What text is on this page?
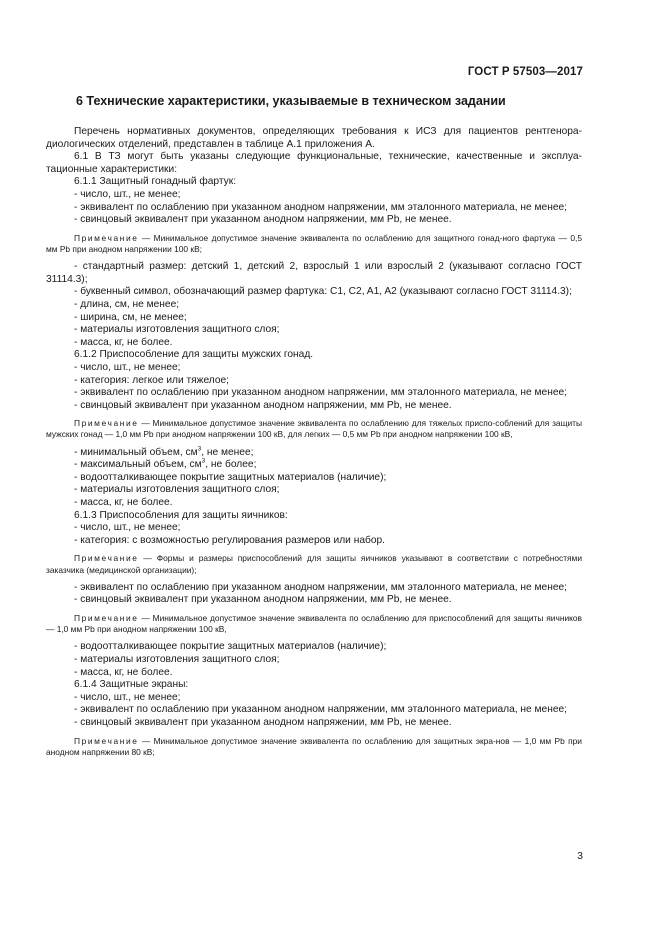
ГОСТ Р 57503—2017
6 Технические характеристики, указываемые в техническом задании

Перечень нормативных документов, определяющих требования к ИСЗ для пациентов рентгенора-диологических отделений, представлен в таблице А.1 приложения А.

6.1 В ТЗ могут быть указаны следующие функциональные, технические, качественные и эксплуа-тационные характеристики:

6.1.1 Защитный гонадный фартук:

- число, шт., не менее;

- эквивалент по ослаблению при указанном анодном напряжении, мм эталонного материала, не менее;

- свинцовый эквивалент при указанном анодном напряжении, мм Pb, не менее.

Примечание — Минимальное допустимое значение эквивалента по ослаблению для защитного гонад-ного фартука — 0,5 мм Pb при анодном напряжении 100 кВ;

- стандартный размер: детский 1, детский 2, взрослый 1 или взрослый 2 (указывают согласно ГОСТ 31114.3);

- буквенный символ, обозначающий размер фартука: C1, C2, A1, A2 (указывают согласно ГОСТ 31114.3);

- длина, см, не менее;

- ширина, см, не менее;

- материалы изготовления защитного слоя;

- масса, кг, не более.

6.1.2 Приспособление для защиты мужских гонад.

- число, шт., не менее;

- категория: легкое или тяжелое;

- эквивалент по ослаблению при указанном анодном напряжении, мм эталонного материала, не менее;

- свинцовый эквивалент при указанном анодном напряжении, мм Pb, не менее.

Примечание — Минимальное допустимое значение эквивалента по ослаблению для тяжелых приспо-соблений для защиты мужских гонад — 1,0 мм Pb при анодном напряжении 100 кВ, для легких — 0,5 мм Pb при анодном напряжении 100 кВ,

- минимальный объем, $см^3$, не менее;

- максимальный объем, $см^3$, не более;

- водоотталкивающее покрытие защитных материалов (наличие);

- материалы изготовления защитного слоя;

- масса, кг, не более.

6.1.3 Приспособления для защиты яичников:

- число, шт., не менее;

- категория: с возможностью регулирования размеров или набор.

Примечание — Формы и размеры приспособлений для защиты яичников указывают в соответствии с потребностями заказчика (медицинской организации);

- эквивалент по ослаблению при указанном анодном напряжении, мм эталонного материала, не менее;

- свинцовый эквивалент при указанном анодном напряжении, мм Pb, не менее.

Примечание — Минимальное допустимое значение эквивалента по ослаблению для приспособлений для защиты яичников — 1,0 мм Pb при анодном напряжении 100 кВ,

- водоотталкивающее покрытие защитных материалов (наличие);

- материалы изготовления защитного слоя;

- масса, кг, не более.

6.1.4 Защитные экраны:

- число, шт., не менее;

- эквивалент по ослаблению при указанном анодном напряжении, мм эталонного материала, не менее;

- свинцовый эквивалент при указанном анодном напряжении, мм Pb, не менее.

Примечание — Минимальное допустимое значение эквивалента по ослаблению для защитных экра-нов — 1,0 мм Pb при анодном напряжении 80 кВ;

3
